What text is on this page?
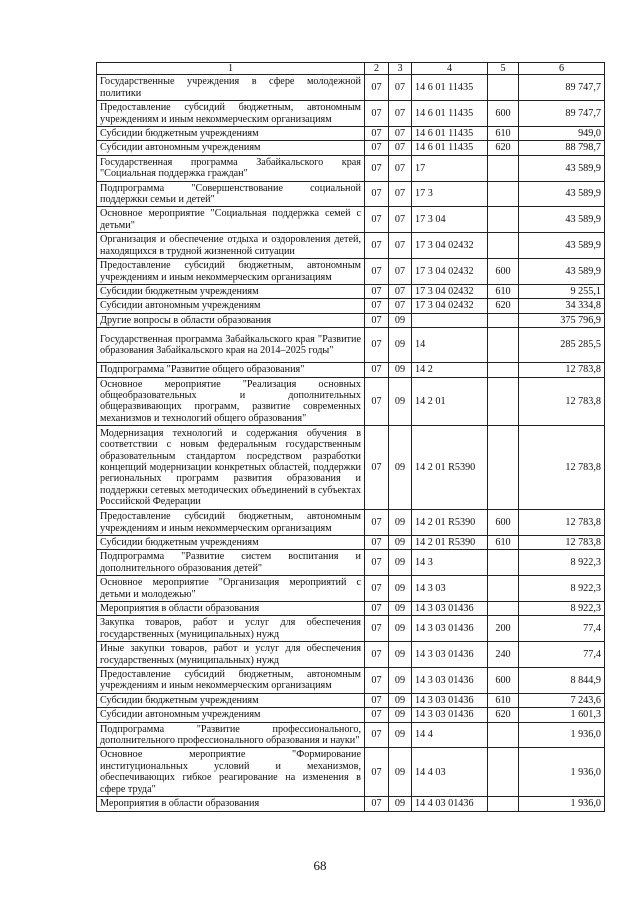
1	2	3	4	5	6
Государственные учреждения в сфере молодежной политики	07	07	14 6 01 11435		89 747,7
Предоставление субсидий бюджетным, автономным учреждениям и иным некоммерческим организациям	07	07	14 6 01 11435	600	89 747,7
Субсидии бюджетным учреждениям	07	07	14 6 01 11435	610	949,0
Субсидии автономным учреждениям	07	07	14 6 01 11435	620	88 798,7
Государственная программа Забайкальского края "Социальная поддержка граждан"	07	07	17		43 589,9
Подпрограмма "Совершенствование социальной поддержки семьи и детей"	07	07	17 3		43 589,9
Основное мероприятие "Социальная поддержка семей с детьми"	07	07	17 3 04		43 589,9
Организация и обеспечение отдыха и оздоровления детей, находящихся в трудной жизненной ситуации	07	07	17 3 04 02432		43 589,9
Предоставление субсидий бюджетным, автономным учреждениям и иным некоммерческим организациям	07	07	17 3 04 02432	600	43 589,9
Субсидии бюджетным учреждениям	07	07	17 3 04 02432	610	9 255,1
Субсидии автономным учреждениям	07	07	17 3 04 02432	620	34 334,8
Другие вопросы в области образования	07	09			375 796,9
Государственная программа Забайкальского края "Развитие образования Забайкальского края на 2014–2025 годы"	07	09	14		285 285,5
Подпрограмма "Развитие общего образования"	07	09	14 2		12 783,8
Основное мероприятие "Реализация основных общеобразовательных и дополнительных общеразвивающих программ, развитие современных механизмов и технологий общего образования"	07	09	14 2 01		12 783,8
Модернизация технологий и содержания обучения в соответствии с новым федеральным государственным образовательным стандартом посредством разработки концепций модернизации конкретных областей, поддержки региональных программ развития образования и поддержки сетевых методических объединений в субъектах Российской Федерации	07	09	14 2 01 R5390		12 783,8
Предоставление субсидий бюджетным, автономным учреждениям и иным некоммерческим организациям	07	09	14 2 01 R5390	600	12 783,8
Субсидии бюджетным учреждениям	07	09	14 2 01 R5390	610	12 783,8
Подпрограмма "Развитие систем воспитания и дополнительного образования детей"	07	09	14 3		8 922,3
Основное мероприятие "Организация мероприятий с детьми и молодежью"	07	09	14 3 03		8 922,3
Мероприятия в области образования	07	09	14 3 03 01436		8 922,3
Закупка товаров, работ и услуг для обеспечения государственных (муниципальных) нужд	07	09	14 3 03 01436	200	77,4
Иные закупки товаров, работ и услуг для обеспечения государственных (муниципальных) нужд	07	09	14 3 03 01436	240	77,4
Предоставление субсидий бюджетным, автономным учреждениям и иным некоммерческим организациям	07	09	14 3 03 01436	600	8 844,9
Субсидии бюджетным учреждениям	07	09	14 3 03 01436	610	7 243,6
Субсидии автономным учреждениям	07	09	14 3 03 01436	620	1 601,3
Подпрограмма "Развитие профессионального, дополнительного профессионального образования и науки"	07	09	14 4		1 936,0
Основное мероприятие "Формирование институциональных условий и механизмов, обеспечивающих гибкое реагирование на изменения в сфере труда"	07	09	14 4 03		1 936,0
Мероприятия в области образования	07	09	14 4 03 01436		1 936,0
68
